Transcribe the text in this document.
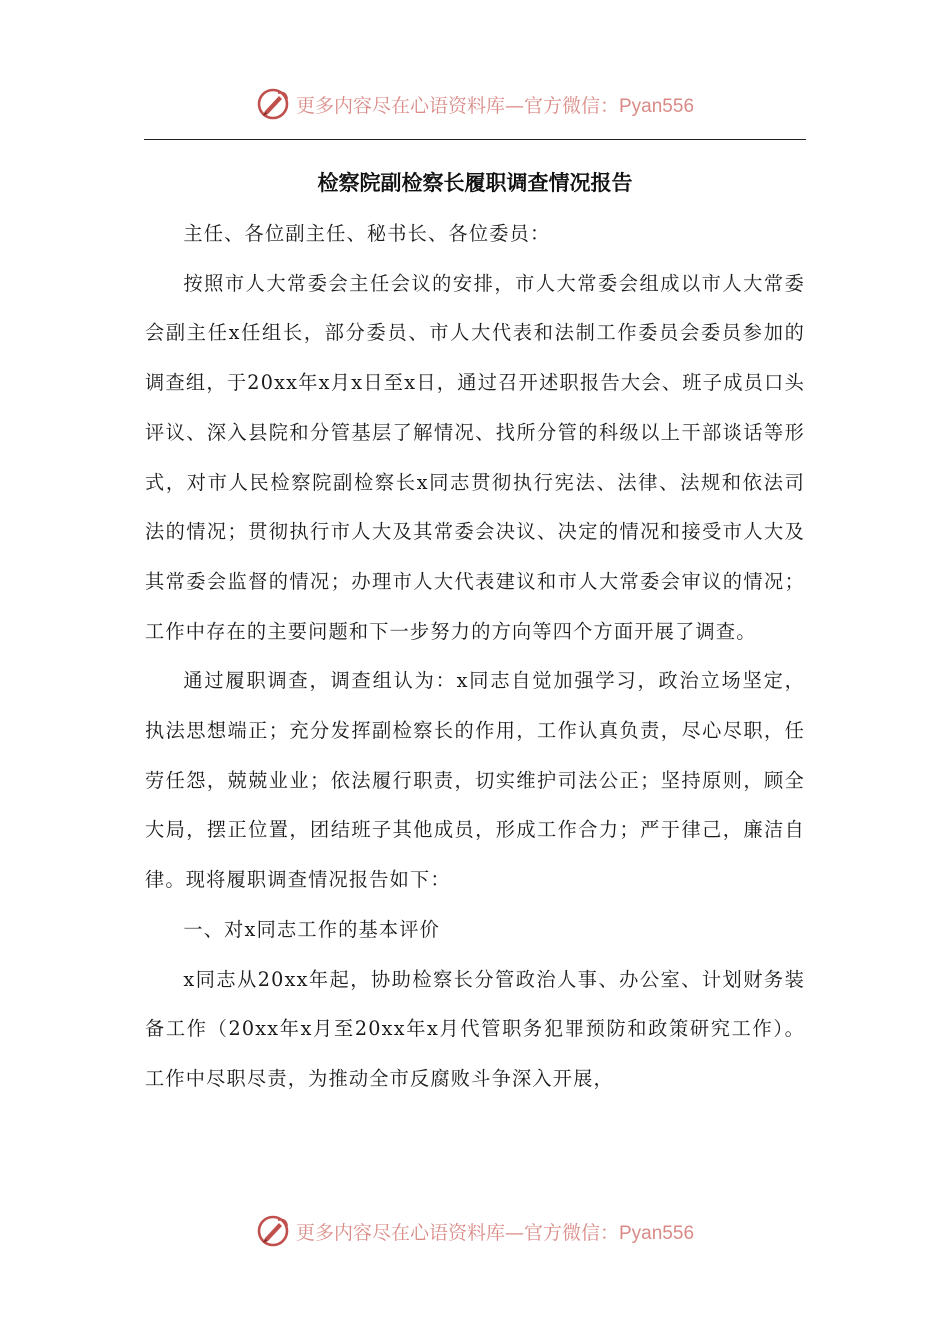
更多内容尽在心语资料库—官方微信：Pyan556
检察院副检察长履职调查情况报告

主任、各位副主任、秘书长、各位委员：

按照市人大常委会主任会议的安排，市人大常委会组成以市人大常委会副主任x任组长，部分委员、市人大代表和法制工作委员会委员参加的调查组，于20xx年x月x日至x日，通过召开述职报告大会、班子成员口头评议、深入县院和分管基层了解情况、找所分管的科级以上干部谈话等形式，对市人民检察院副检察长x同志贯彻执行宪法、法律、法规和依法司法的情况；贯彻执行市人大及其常委会决议、决定的情况和接受市人大及其常委会监督的情况；办理市人大代表建议和市人大常委会审议的情况；工作中存在的主要问题和下一步努力的方向等四个方面开展了调查。

通过履职调查，调查组认为：x同志自觉加强学习，政治立场坚定，执法思想端正；充分发挥副检察长的作用，工作认真负责，尽心尽职，任劳任怨，兢兢业业；依法履行职责，切实维护司法公正；坚持原则，顾全大局，摆正位置，团结班子其他成员，形成工作合力；严于律己，廉洁自律。现将履职调查情况报告如下：

一、对x同志工作的基本评价

x同志从20xx年起，协助检察长分管政治人事、办公室、计划财务装备工作（20xx年x月至20xx年x月代管职务犯罪预防和政策研究工作）。工作中尽职尽责，为推动全市反腐败斗争深入开展，

更多内容尽在心语资料库—官方微信：Pyan556
